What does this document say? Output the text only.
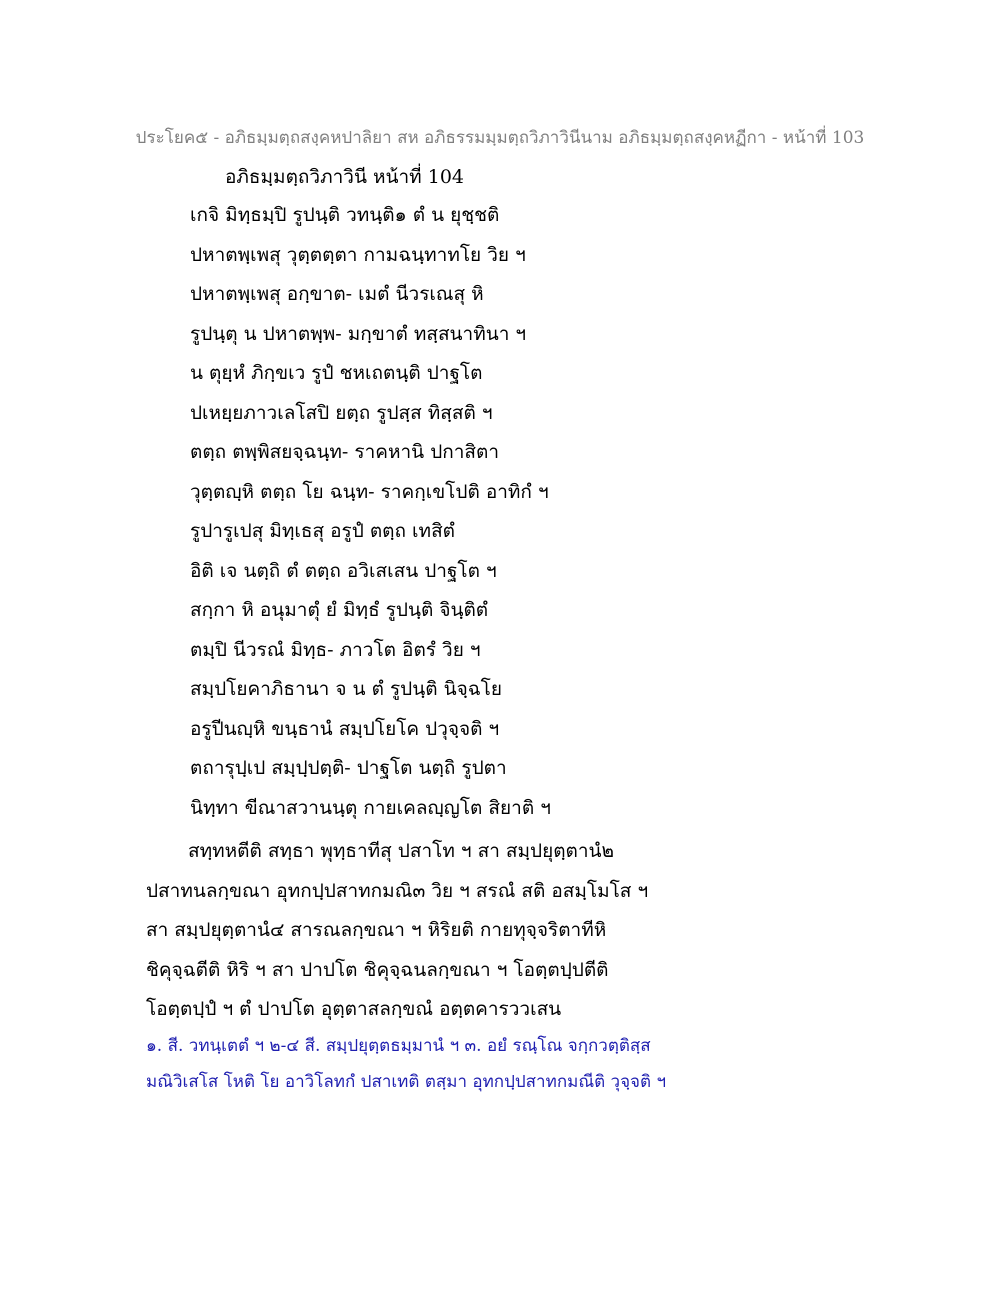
ประโยค๕ - อภิธมฺมตฺถสงฺคหปาลิยา สห อภิธรรมมฺมตฺถวิภาวินีนาม อภิธมฺมตฺถสงฺคหฏีกา - หน้าที่ 103
อภิธมฺมตฺถวิภาวินี หน้าที่ 104
เกจิ มิทฺธมฺปิ รูปนฺติ วทนฺติ๑ ตํ น ยุชฺชติ
ปหาตพฺเพสุ วุตฺตตฺตา กามฉนฺทาทโย วิย ฯ
ปหาตพฺเพสุ อกฺขาต- เมตํ นีวรเณสุ หิ
รูปนฺตุ น ปหาตพฺพ- มกฺขาตํ ทสฺสนาทินา ฯ
น ตุยฺหํ ภิกฺขเว รูปํ ชหเถตนฺติ ปาฐโต
ปเหยฺยภาวเลโสปิ ยตฺถ รูปสฺส ทิสฺสติ ฯ
ตตฺถ ตพฺพิสยจฺฉนฺท- ราคหานิ ปกาสิตา
วุตฺตญฺหิ ตตฺถ โย ฉนฺท- ราคกฺเขโปติ อาทิกํ ฯ
รูปารูเปสุ มิทฺเธสุ อรูปํ ตตฺถ เทสิตํ
อิติ เจ นตฺถิ ตํ ตตฺถ อวิเสเสน ปาฐโต ฯ
สกฺกา หิ อนุมาตุํ ยํ มิทฺธํ รูปนฺติ จินฺติตํ
ตมฺปิ นีวรณํ มิทฺธ- ภาวโต อิตรํ วิย ฯ
สมฺปโยคาภิธานา จ น ตํ รูปนฺติ นิจฺฉโย
อรูปีนญฺหิ ขนฺธานํ สมฺปโยโค ปวุจฺจติ ฯ
ตถารุปฺเป สมฺปฺปตฺติ- ปาฐโต นตฺถิ รูปตา
นิทฺทา ขีณาสวานนฺตุ กายเคลญฺญโต สิยาติ ฯ
สทฺทหตีติ สทฺธา พุทฺธาทีสุ ปสาโท ฯ สา สมฺปยุตฺตานํ๒
ปสาทนลกฺขณา อุทกปฺปสาทกมณิ๓ วิย ฯ สรณํ สติ อสมฺโมโส ฯ
สา สมฺปยุตฺตานํ๔ สารณลกฺขณา ฯ หิริยติ กายทุจฺจริตาทีหิ
ชิคุจฺฉตีติ หิริ ฯ สา ปาปโต ชิคุจฺฉนลกฺขณา ฯ โอตฺตปฺปตีติ
โอตฺตปฺปํ ฯ ตํ ปาปโต อุตฺตาสลกฺขณํ อตฺตคารววเสน
๑. สี. วทนฺเตตํ ฯ ๒-๔ สี. สมฺปยุตฺตธมฺมานํ ฯ ๓. อยํ รณฺโณ จกฺกวตฺติสฺส
มณิวิเสโส โหติ โย อาวิโลทกํ ปสาเทติ ตสฺมา อุทกปฺปสาทกมณีติ วุจฺจติ ฯ
